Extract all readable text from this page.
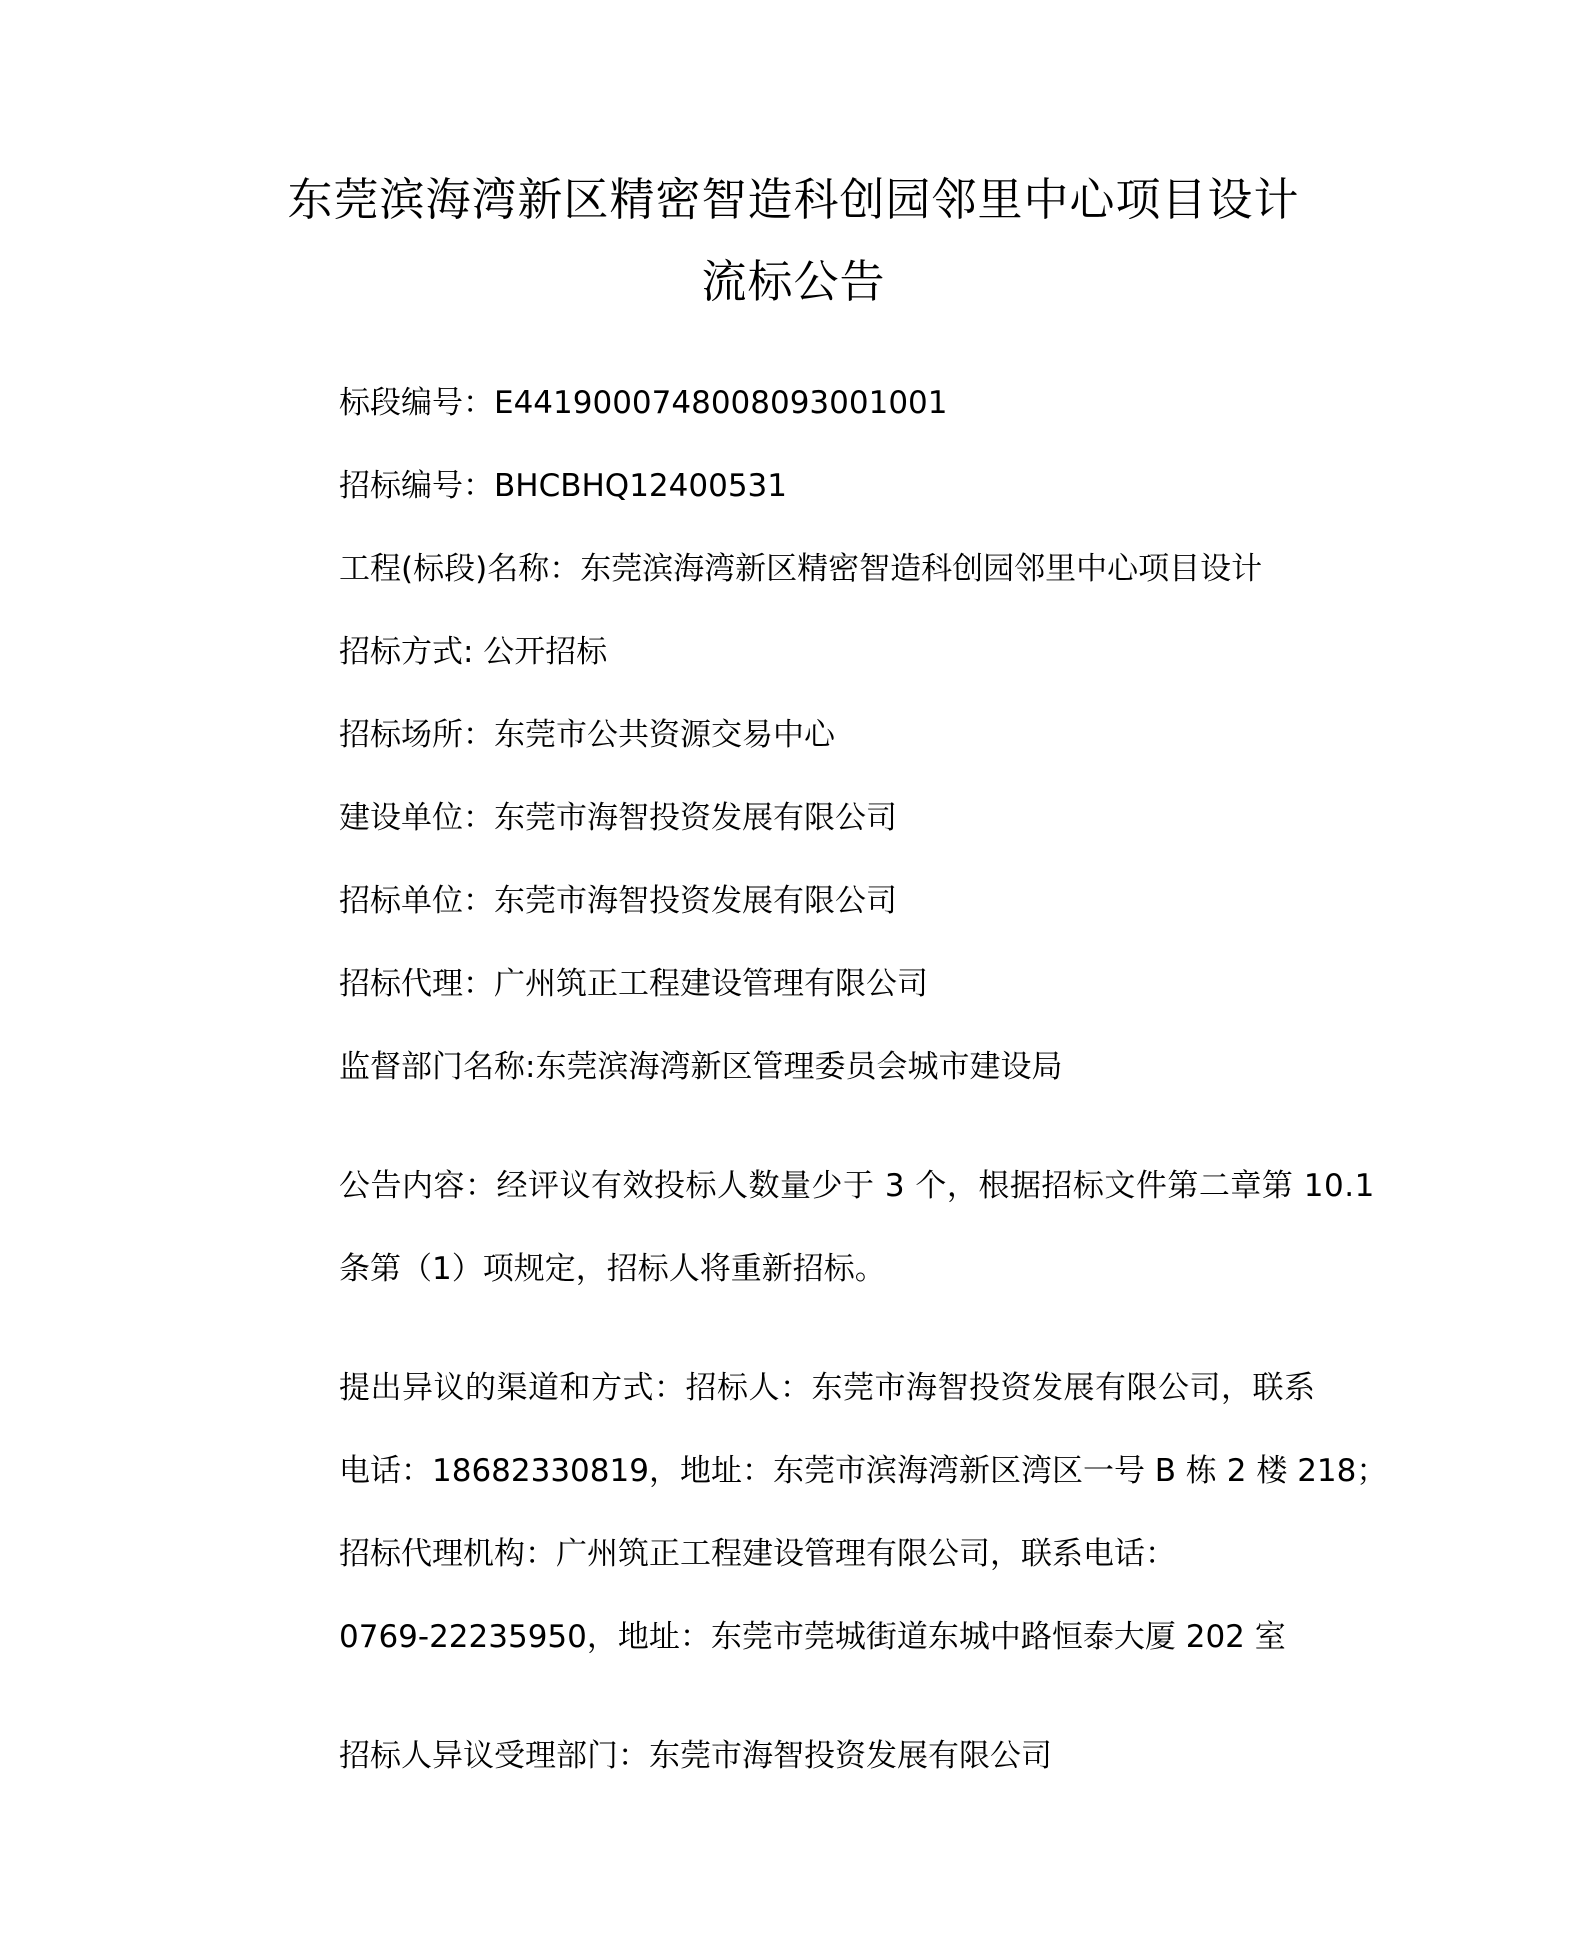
东莞滨海湾新区精密智造科创园邻里中心项目设计
流标公告
标段编号：E4419000748008093001001
招标编号：BHCBHQ12400531
工程(标段)名称：东莞滨海湾新区精密智造科创园邻里中心项目设计
招标方式: 公开招标
招标场所：东莞市公共资源交易中心
建设单位：东莞市海智投资发展有限公司
招标单位：东莞市海智投资发展有限公司
招标代理：广州筑正工程建设管理有限公司
监督部门名称:东莞滨海湾新区管理委员会城市建设局
公告内容：经评议有效投标人数量少于 3 个，根据招标文件第二章第 10.1
条第（1）项规定，招标人将重新招标。
提出异议的渠道和方式：招标人：东莞市海智投资发展有限公司，联系
电话：18682330819，地址：东莞市滨海湾新区湾区一号 B 栋 2 楼 218；
招标代理机构：广州筑正工程建设管理有限公司，联系电话：
0769-22235950，地址：东莞市莞城街道东城中路恒泰大厦 202 室
招标人异议受理部门：东莞市海智投资发展有限公司
